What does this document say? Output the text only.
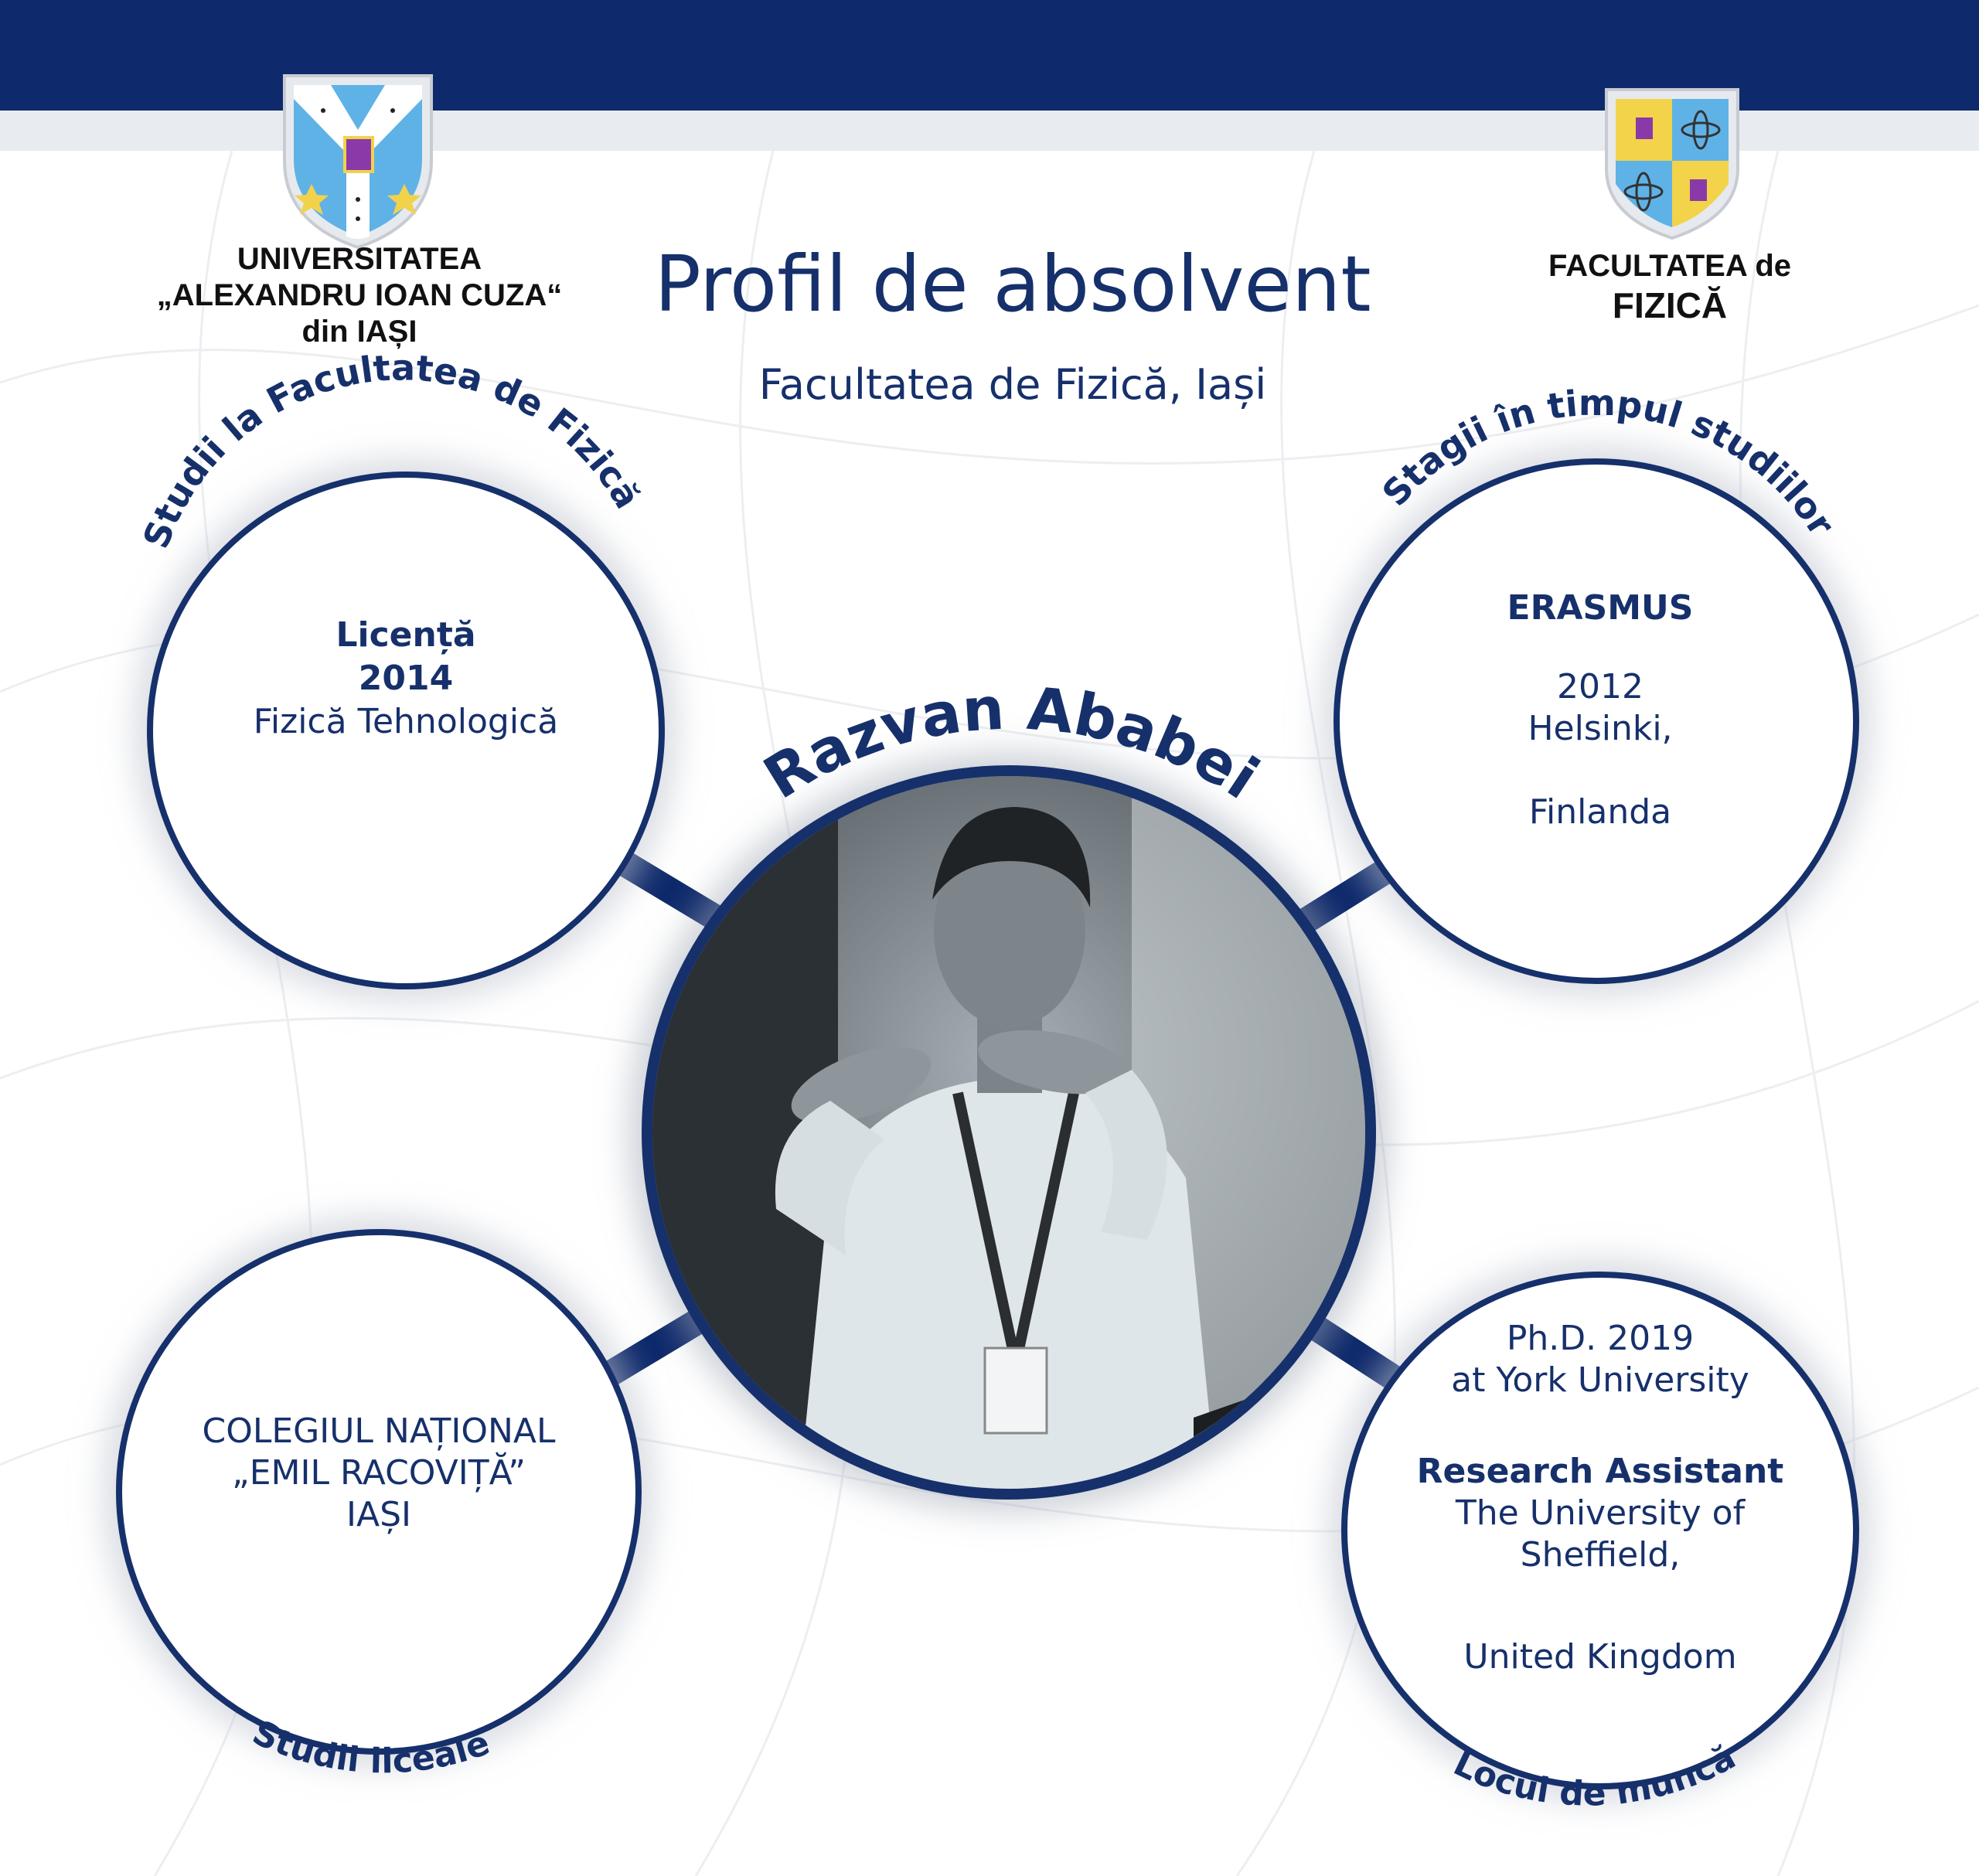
UNIVERSITATEA
„ALEXANDRU IOAN CUZA“
din IAȘI
FACULTATEA de
FIZICĂ
Profil de absolvent
Facultatea de Fizică, Iași
Studii la Facultatea de Fizică	Stagii în timpul studiilor
Razvan Ababei
Studii liceale	Locul de muncă
Licență
2014
Fizică Tehnologică
ERASMUS
2012
Helsinki,
Finlanda
COLEGIUL NAȚIONAL
„EMIL RACOVIȚĂ”
IAȘI
Ph.D. 2019
at York University
Research Assistant
The University of
Sheffield,
United Kingdom
